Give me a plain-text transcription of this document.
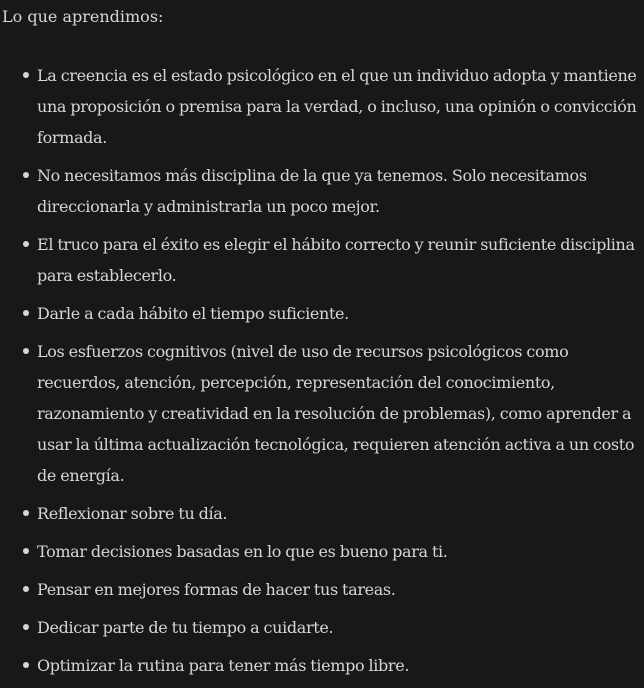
Lo que aprendimos:
La creencia es el estado psicológico en el que un individuo adopta y mantiene una proposición o premisa para la verdad, o incluso, una opinión o convicción formada.
No necesitamos más disciplina de la que ya tenemos. Solo necesitamos direccionarla y administrarla un poco mejor.
El truco para el éxito es elegir el hábito correcto y reunir suficiente disciplina para establecerlo.
Darle a cada hábito el tiempo suficiente.
Los esfuerzos cognitivos (nivel de uso de recursos psicológicos como recuerdos, atención, percepción, representación del conocimiento, razonamiento y creatividad en la resolución de problemas), como aprender a usar la última actualización tecnológica, requieren atención activa a un costo de energía.
Reflexionar sobre tu día.
Tomar decisiones basadas en lo que es bueno para ti.
Pensar en mejores formas de hacer tus tareas.
Dedicar parte de tu tiempo a cuidarte.
Optimizar la rutina para tener más tiempo libre.
